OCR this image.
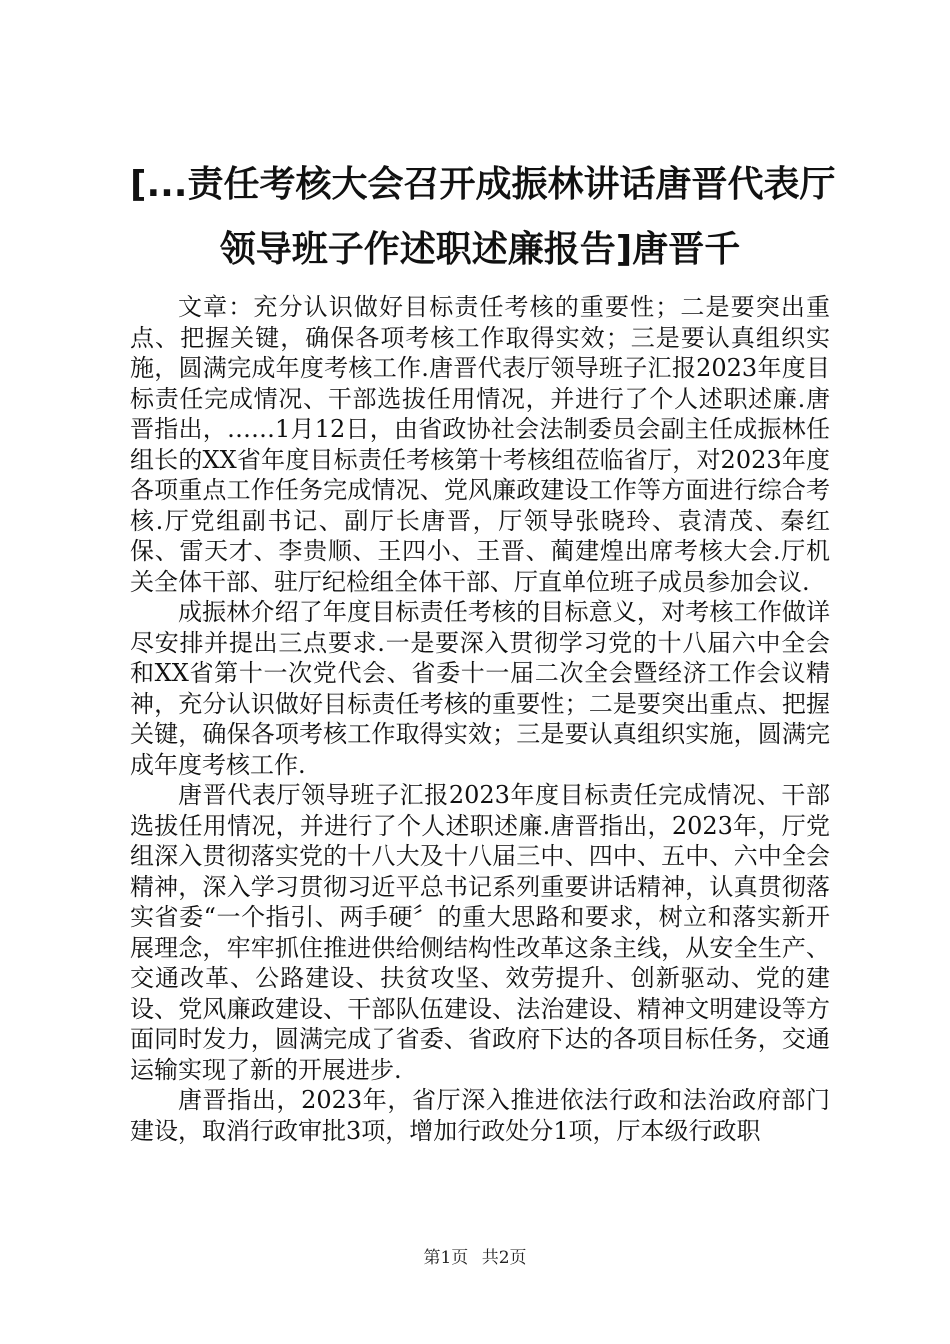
[...责任考核大会召开成振林讲话唐晋代表厅
领导班子作述职述廉报告]唐晋千

文章：充分认识做好目标责任考核的重要性；二是要突出重点、把握关键，确保各项考核工作取得实效；三是要认真组织实施，圆满完成年度考核工作.唐晋代表厅领导班子汇报2023年度目标责任完成情况、干部选拔任用情况，并进行了个人述职述廉.唐晋指出，……1月12日，由省政协社会法制委员会副主任成振林任组长的XX省年度目标责任考核第十考核组莅临省厅，对2023年度各项重点工作任务完成情况、党风廉政建设工作等方面进行综合考核.厅党组副书记、副厅长唐晋，厅领导张晓玲、袁清茂、秦红保、雷天才、李贵顺、王四小、王晋、蔺建煌出席考核大会.厅机关全体干部、驻厅纪检组全体干部、厅直单位班子成员参加会议.

成振林介绍了年度目标责任考核的目标意义，对考核工作做详尽安排并提出三点要求.一是要深入贯彻学习党的十八届六中全会和XX省第十一次党代会、省委十一届二次全会暨经济工作会议精神，充分认识做好目标责任考核的重要性；二是要突出重点、把握关键，确保各项考核工作取得实效；三是要认真组织实施，圆满完成年度考核工作.

唐晋代表厅领导班子汇报2023年度目标责任完成情况、干部选拔任用情况，并进行了个人述职述廉.唐晋指出，2023年，厅党组深入贯彻落实党的十八大及十八届三中、四中、五中、六中全会精神，深入学习贯彻习近平总书记系列重要讲话精神，认真贯彻落实省委“一个指引、两手硬〞的重大思路和要求，树立和落实新开展理念，牢牢抓住推进供给侧结构性改革这条主线，从安全生产、交通改革、公路建设、扶贫攻坚、效劳提升、创新驱动、党的建设、党风廉政建设、干部队伍建设、法治建设、精神文明建设等方面同时发力，圆满完成了省委、省政府下达的各项目标任务，交通运输实现了新的开展进步.

唐晋指出，2023年，省厅深入推进依法行政和法治政府部门建设，取消行政审批3项，增加行政处分1项，厅本级行政职

第1页 共2页
